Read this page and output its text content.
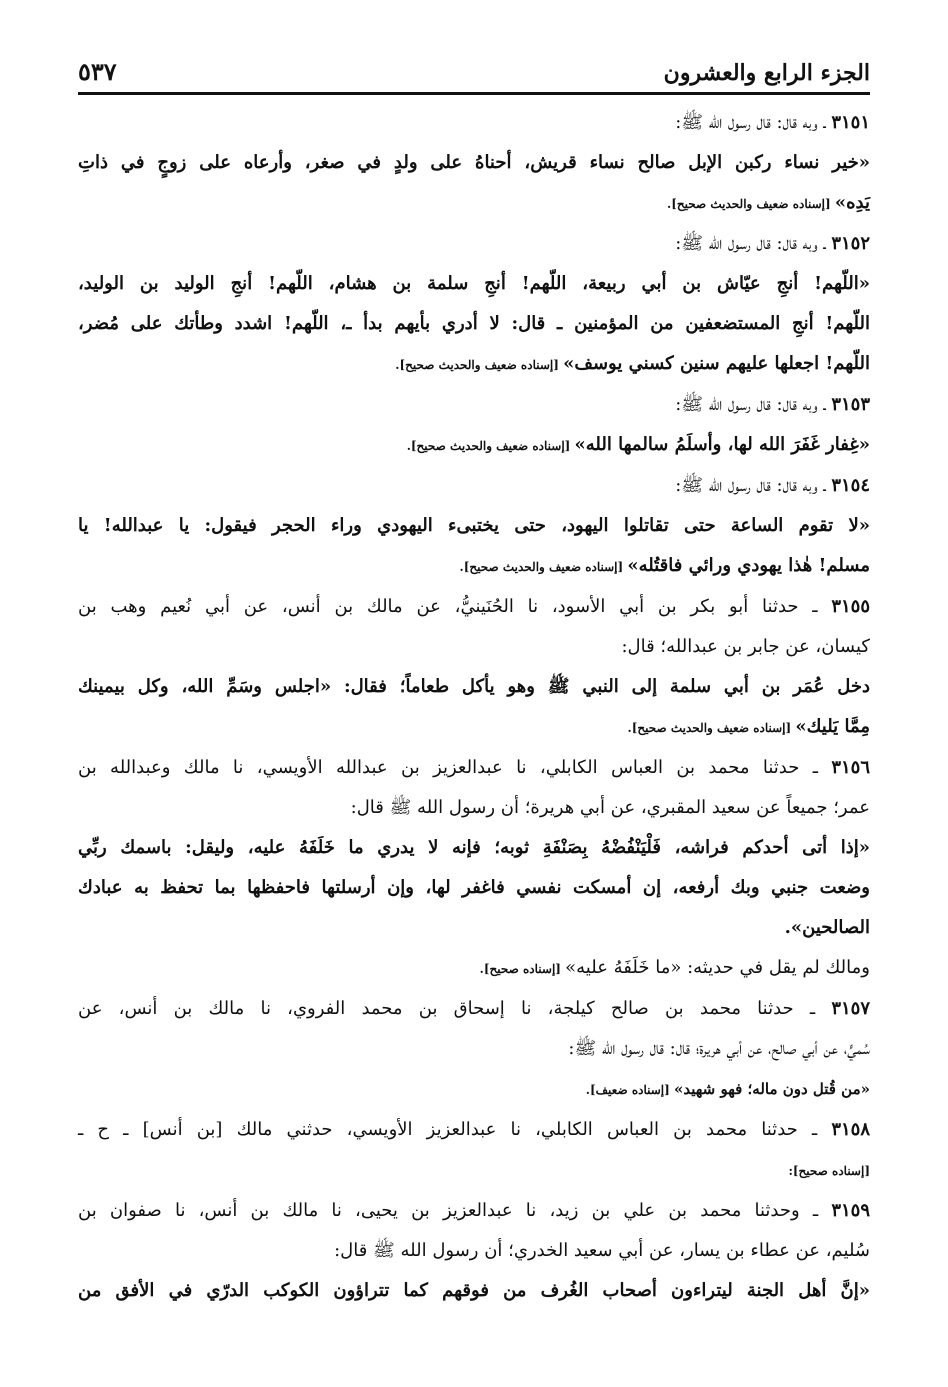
الجزء الرابع والعشرون
٥٣٧

٣١٥١ ـ وبه قال: قال رسول الله ﷺ:

«خير نساء ركبن الإبل صالح نساء قريش، أحناهُ على ولدٍ في صغر، وأرعاه على زوجٍ في ذاتِ

يَدِه» [إسناده ضعيف والحديث صحيح].

٣١٥٢ ـ وبه قال: قال رسول الله ﷺ:

«اللّهم! أنجِ عيّاش بن أبي ربيعة، اللّهم! أنجِ سلمة بن هشام، اللّهم! أنجِ الوليد بن الوليد،

اللّهم! أنجِ المستضعفين من المؤمنين ـ قال: لا أدري بأيهم بدأ ـ، اللّهم! اشدد وطأتك على مُضر،

اللّهم! اجعلها عليهم سنين كسني يوسف» [إسناده ضعيف والحديث صحيح].

٣١٥٣ ـ وبه قال: قال رسول الله ﷺ:

«غِفار غَفَرَ الله لها، وأسلَمُ سالمها الله» [إسناده ضعيف والحديث صحيح].

٣١٥٤ ـ وبه قال: قال رسول الله ﷺ:

«لا تقوم الساعة حتى تقاتلوا اليهود، حتى يختبىء اليهودي وراء الحجر فيقول: يا عبدالله! يا

مسلم! هٰذا يهودي ورائي فاقتُله» [إسناده ضعيف والحديث صحيح].

٣١٥٥ ـ حدثنا أبو بكر بن أبي الأسود، نا الحُنَينيُّ، عن مالك بن أنس، عن أبي نُعيم وهب بن

كيسان، عن جابر بن عبدالله؛ قال:

دخل عُمَر بن أبي سلمة إلى النبي ﷺ وهو يأكل طعاماً؛ فقال: «اجلس وسَمِّ الله، وكل بيمينك

مِمَّا يَليك» [إسناده ضعيف والحديث صحيح].

٣١٥٦ ـ حدثنا محمد بن العباس الكابلي، نا عبدالعزيز بن عبدالله الأويسي، نا مالك وعبدالله بن

عمر؛ جميعاً عن سعيد المقبري، عن أبي هريرة؛ أن رسول الله ﷺ قال:

«إذا أتى أحدكم فراشه، فَلْيَنْفُضْهُ بِصَنْفَةِ ثوبه؛ فإنه لا يدري ما خَلَفَهُ عليه، وليقل: باسمك ربِّي

وضعت جنبي وبك أرفعه، إن أمسكت نفسي فاغفر لها، وإن أرسلتها فاحفظها بما تحفظ به عبادك

الصالحين».

ومالك لم يقل في حديثه: «ما خَلَفَهُ عليه» [إسناده صحيح].

٣١٥٧ ـ حدثنا محمد بن صالح كيلجة، نا إسحاق بن محمد الفروي، نا مالك بن أنس، عن

سُميٍّ، عن أبي صالح، عن أبي هريرة؛ قال: قال رسول الله ﷺ:

«من قُتل دون ماله؛ فهو شهيد» [إسناده ضعيف].

٣١٥٨ ـ حدثنا محمد بن العباس الكابلي، نا عبدالعزيز الأويسي، حدثني مالك [بن أنس] ـ ح ـ

[إسناده صحيح]:

٣١٥٩ ـ وحدثنا محمد بن علي بن زيد، نا عبدالعزيز بن يحيى، نا مالك بن أنس، نا صفوان بن

سُليم، عن عطاء بن يسار، عن أبي سعيد الخدري؛ أن رسول الله ﷺ قال:

«إنَّ أهل الجنة ليتراءون أصحاب الغُرف من فوقهم كما تتراؤون الكوكب الدرّي في الأفق من
